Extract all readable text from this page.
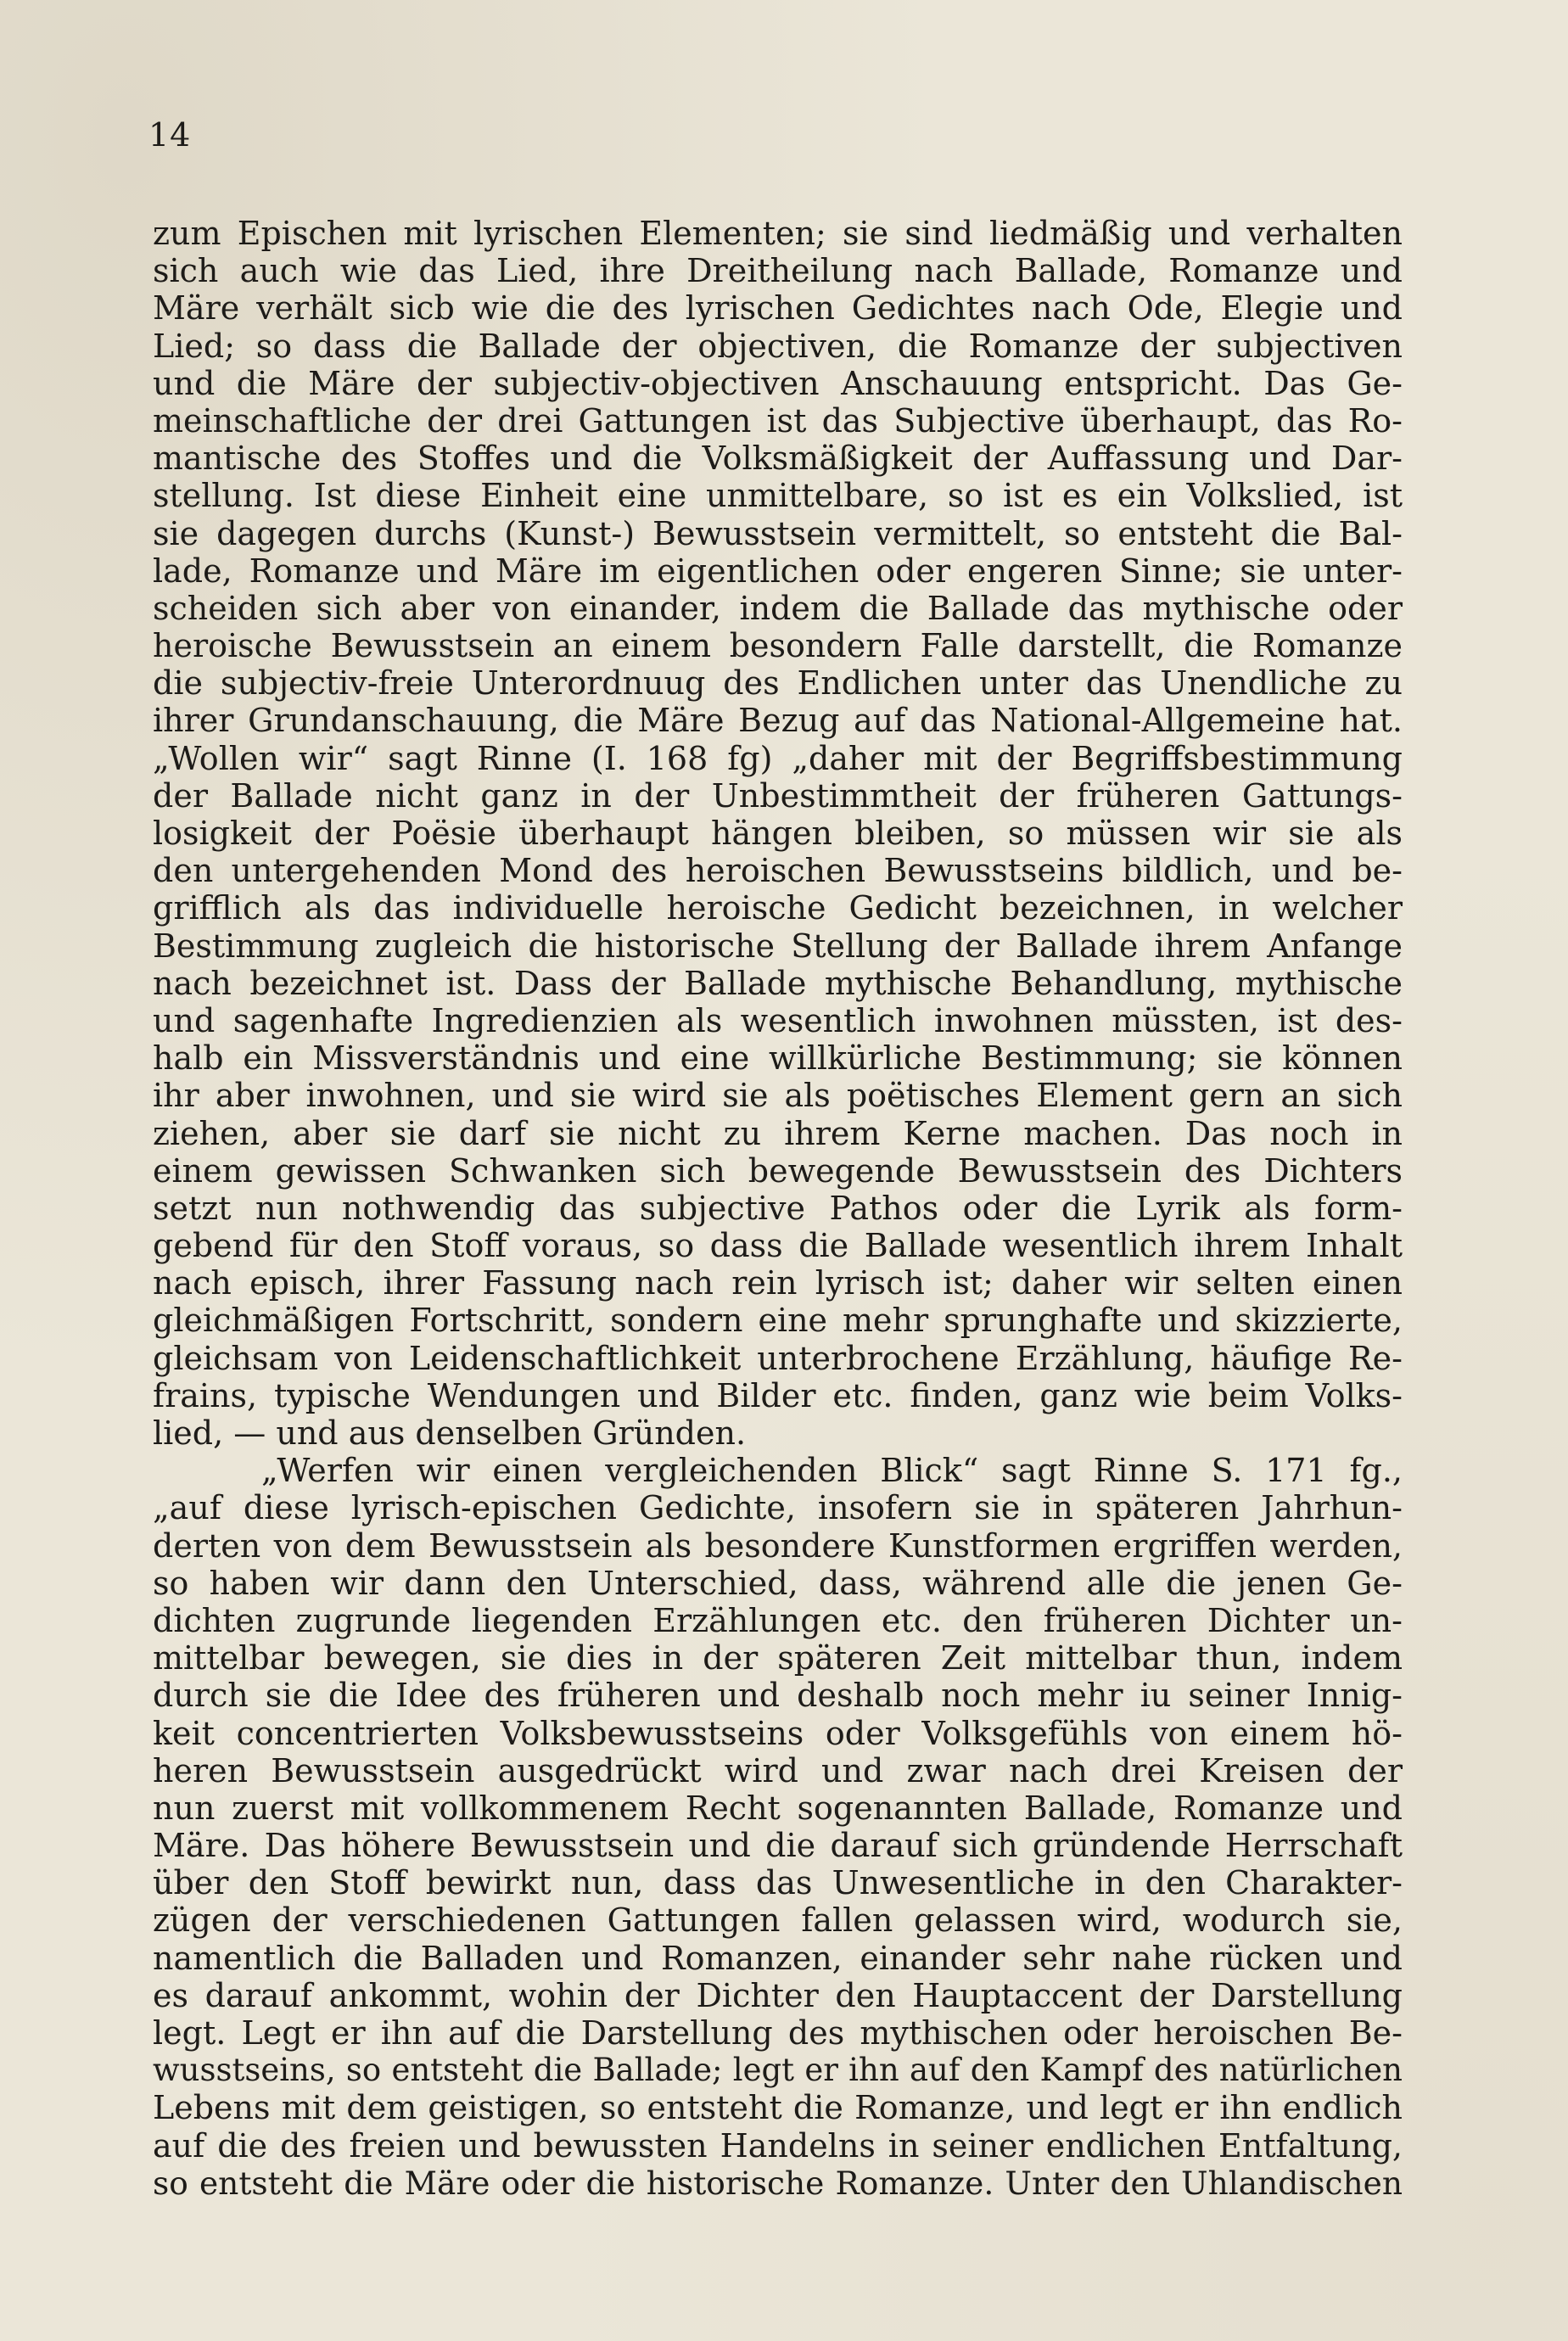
14
zum Epischen mit lyrischen Elementen; sie sind liedmäßig und verhalten
sich auch wie das Lied, ihre Dreitheilung nach Ballade, Romanze und
Märe verhält sicb wie die des lyrischen Gedichtes nach Ode, Elegie und
Lied; so dass die Ballade der objectiven, die Romanze der subjectiven
und die Märe der subjectiv-objectiven Anschauung entspricht. Das Ge-
meinschaftliche der drei Gattungen ist das Subjective überhaupt, das Ro-
mantische des Stoffes und die Volksmäßigkeit der Auffassung und Dar-
stellung. Ist diese Einheit eine unmittelbare, so ist es ein Volkslied, ist
sie dagegen durchs (Kunst-) Bewusstsein vermittelt, so entsteht die Bal-
lade, Romanze und Märe im eigentlichen oder engeren Sinne; sie unter-
scheiden sich aber von einander, indem die Ballade das mythische oder
heroische Bewusstsein an einem besondern Falle darstellt, die Romanze
die subjectiv-freie Unterordnuug des Endlichen unter das Unendliche zu
ihrer Grundanschauung, die Märe Bezug auf das National-Allgemeine hat.
„Wollen wir“ sagt Rinne (I. 168 fg) „daher mit der Begriffsbestimmung
der Ballade nicht ganz in der Unbestimmtheit der früheren Gattungs-
losigkeit der Poësie überhaupt hängen bleiben, so müssen wir sie als
den untergehenden Mond des heroischen Bewusstseins bildlich, und be-
grifflich als das individuelle heroische Gedicht bezeichnen, in welcher
Bestimmung zugleich die historische Stellung der Ballade ihrem Anfange
nach bezeichnet ist. Dass der Ballade mythische Behandlung, mythische
und sagenhafte Ingredienzien als wesentlich inwohnen müssten, ist des-
halb ein Missverständnis und eine willkürliche Bestimmung; sie können
ihr aber inwohnen, und sie wird sie als poëtisches Element gern an sich
ziehen, aber sie darf sie nicht zu ihrem Kerne machen. Das noch in
einem gewissen Schwanken sich bewegende Bewusstsein des Dichters
setzt nun nothwendig das subjective Pathos oder die Lyrik als form-
gebend für den Stoff voraus, so dass die Ballade wesentlich ihrem Inhalt
nach episch, ihrer Fassung nach rein lyrisch ist; daher wir selten einen
gleichmäßigen Fortschritt, sondern eine mehr sprunghafte und skizzierte,
gleichsam von Leidenschaftlichkeit unterbrochene Erzählung, häufige Re-
frains, typische Wendungen und Bilder etc. finden, ganz wie beim Volks-
lied, — und aus denselben Gründen.
„Werfen wir einen vergleichenden Blick“ sagt Rinne S. 171 fg.,
„auf diese lyrisch-epischen Gedichte, insofern sie in späteren Jahrhun-
derten von dem Bewusstsein als besondere Kunstformen ergriffen werden,
so haben wir dann den Unterschied, dass, während alle die jenen Ge-
dichten zugrunde liegenden Erzählungen etc. den früheren Dichter un-
mittelbar bewegen, sie dies in der späteren Zeit mittelbar thun, indem
durch sie die Idee des früheren und deshalb noch mehr iu seiner Innig-
keit concentrierten Volksbewusstseins oder Volksgefühls von einem hö-
heren Bewusstsein ausgedrückt wird und zwar nach drei Kreisen der
nun zuerst mit vollkommenem Recht sogenannten Ballade, Romanze und
Märe. Das höhere Bewusstsein und die darauf sich gründende Herrschaft
über den Stoff bewirkt nun, dass das Unwesentliche in den Charakter-
zügen der verschiedenen Gattungen fallen gelassen wird, wodurch sie,
namentlich die Balladen und Romanzen, einander sehr nahe rücken und
es darauf ankommt, wohin der Dichter den Hauptaccent der Darstellung
legt. Legt er ihn auf die Darstellung des mythischen oder heroischen Be-
wusstseins, so entsteht die Ballade; legt er ihn auf den Kampf des natürlichen
Lebens mit dem geistigen, so entsteht die Romanze, und legt er ihn endlich
auf die des freien und bewussten Handelns in seiner endlichen Entfaltung,
so entsteht die Märe oder die historische Romanze. Unter den Uhlandischen
